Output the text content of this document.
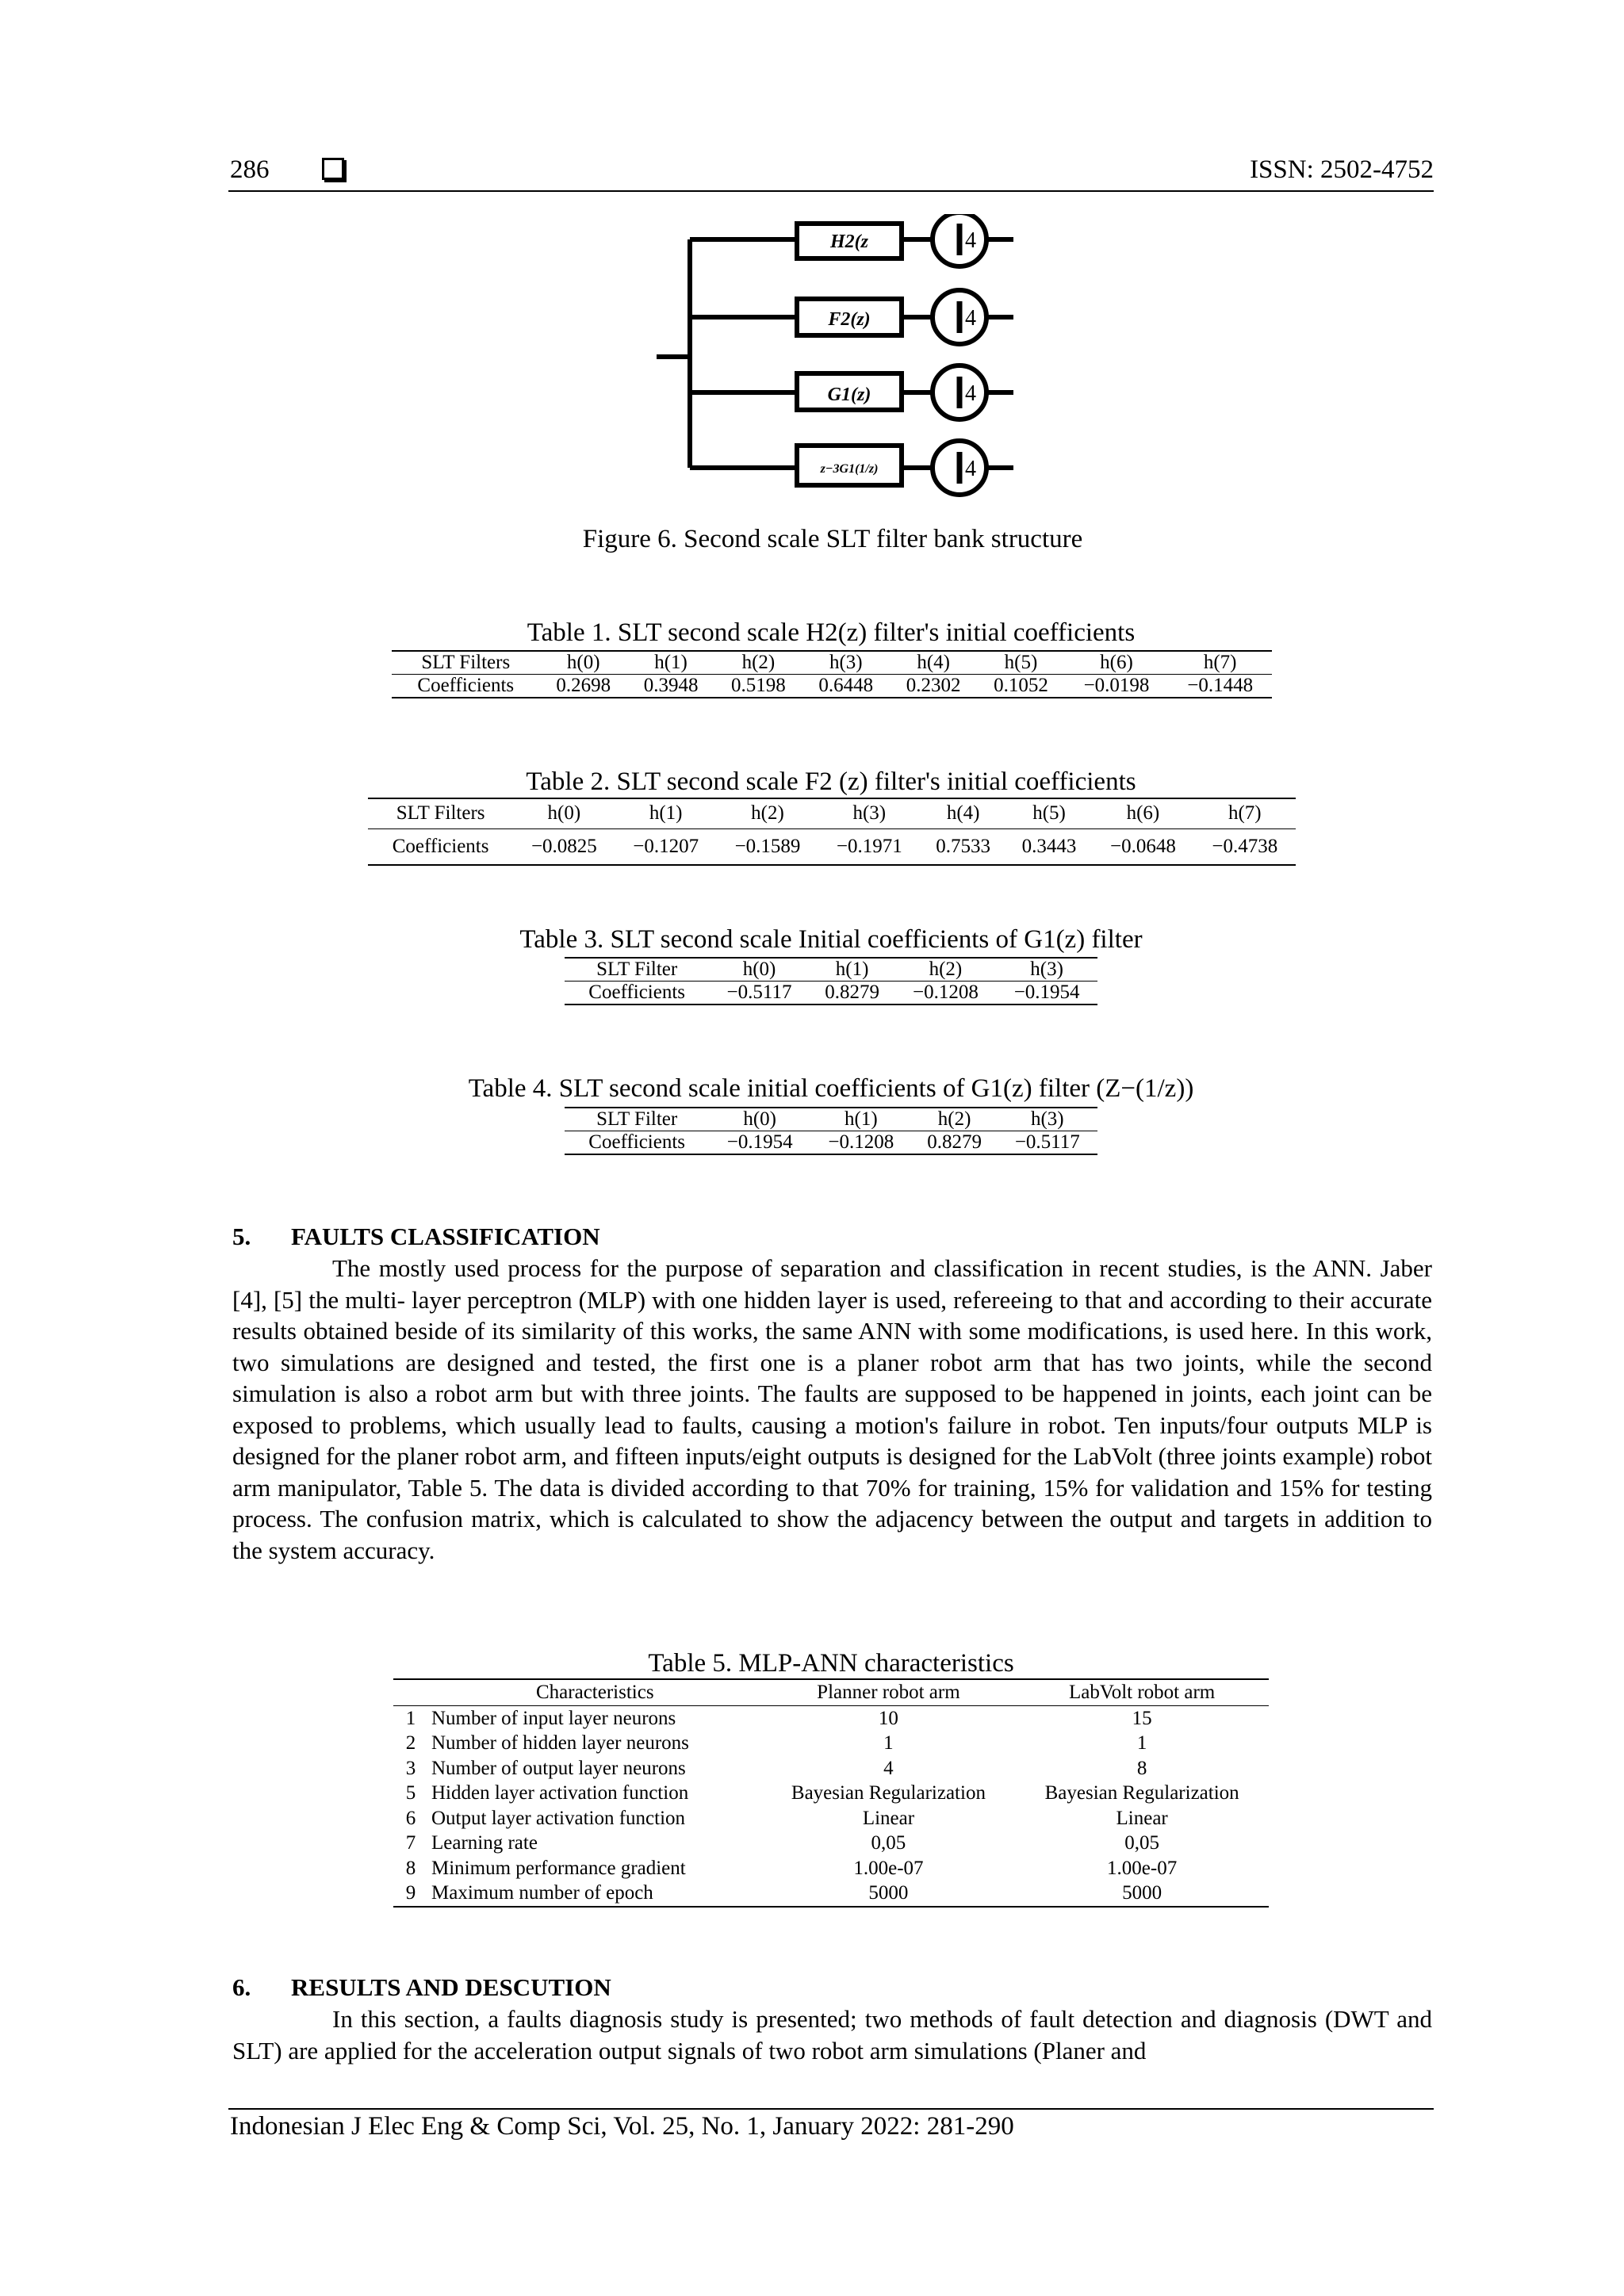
286	ISSN: 2502-4752
H2(z
F2(z)
G1(z)
z−3G1(1/z)
4
4
4
4
Figure 6. Second scale SLT filter bank structure
Table 1. SLT second scale H2(z) filter's initial coefficients
SLT Filters	h(0)	h(1)	h(2)	h(3)	h(4)	h(5)	h(6)	h(7)
Coefficients	0.2698	0.3948	0.5198	0.6448	0.2302	0.1052	−0.0198	−0.1448
Table 2. SLT second scale F2 (z) filter's initial coefficients
SLT Filters	h(0)	h(1)	h(2)	h(3)	h(4)	h(5)	h(6)	h(7)
Coefficients	−0.0825	−0.1207	−0.1589	−0.1971	0.7533	0.3443	−0.0648	−0.4738
Table 3. SLT second scale Initial coefficients of G1(z) filter
SLT Filter	h(0)	h(1)	h(2)	h(3)
Coefficients	−0.5117	0.8279	−0.1208	−0.1954
Table 4. SLT second scale initial coefficients of G1(z) filter (Z−(1/z))
SLT Filter	h(0)	h(1)	h(2)	h(3)
Coefficients	−0.1954	−0.1208	0.8279	−0.5117
5. FAULTS CLASSIFICATION
The mostly used process for the purpose of separation and classification in recent studies, is the ANN. Jaber [4], [5] the multi- layer perceptron (MLP) with one hidden layer is used, refereeing to that and according to their accurate results obtained beside of its similarity of this works, the same ANN with some modifications, is used here. In this work, two simulations are designed and tested, the first one is a planer robot arm that has two joints, while the second simulation is also a robot arm but with three joints. The faults are supposed to be happened in joints, each joint can be exposed to problems, which usually lead to faults, causing a motion's failure in robot. Ten inputs/four outputs MLP is designed for the planer robot arm, and fifteen inputs/eight outputs is designed for the LabVolt (three joints example) robot arm manipulator, Table 5. The data is divided according to that 70% for training, 15% for validation and 15% for testing process. The confusion matrix, which is calculated to show the adjacency between the output and targets in addition to the system accuracy.
Table 5. MLP-ANN characteristics
	Characteristics	Planner robot arm	LabVolt robot arm
1	Number of input layer neurons	10	15
2	Number of hidden layer neurons	1	1
3	Number of output layer neurons	4	8
5	Hidden layer activation function	Bayesian Regularization	Bayesian Regularization
6	Output layer activation function	Linear	Linear
7	Learning rate	0,05	0,05
8	Minimum performance gradient	1.00e-07	1.00e-07
9	Maximum number of epoch	5000	5000
6. RESULTS AND DESCUTION
In this section, a faults diagnosis study is presented; two methods of fault detection and diagnosis (DWT and SLT) are applied for the acceleration output signals of two robot arm simulations (Planer and
Indonesian J Elec Eng & Comp Sci, Vol. 25, No. 1, January 2022: 281-290
